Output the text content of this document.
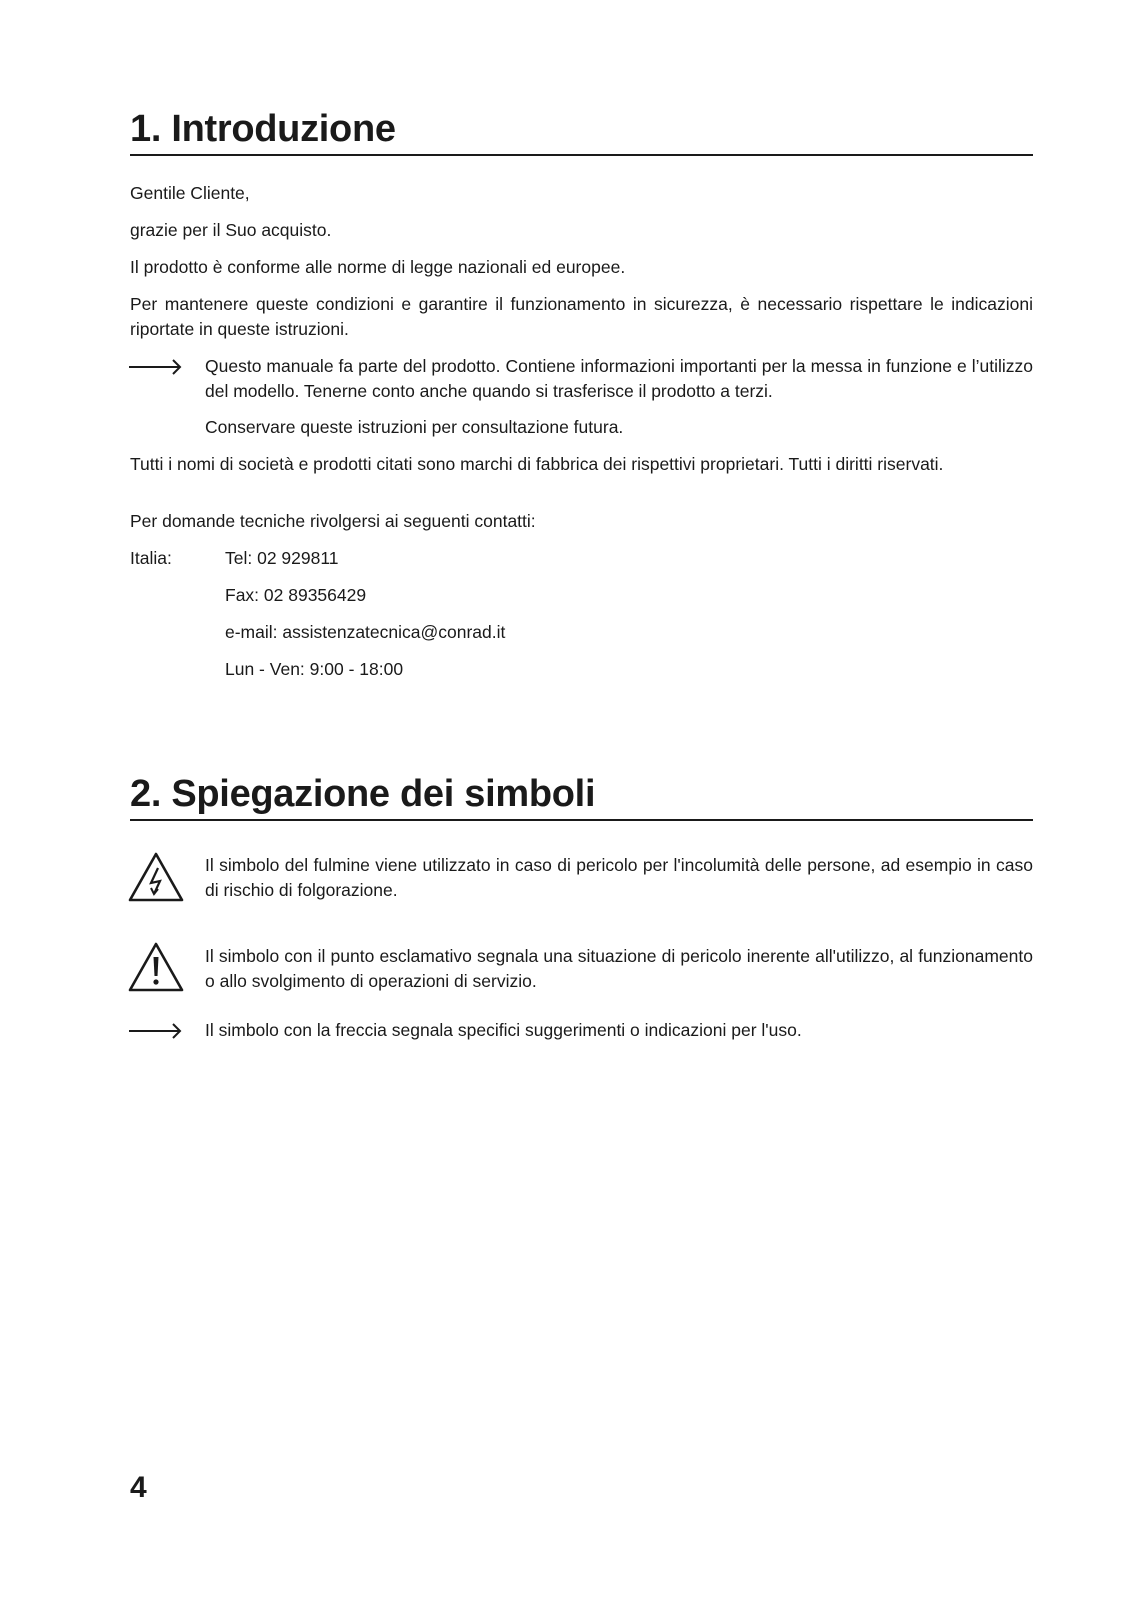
1. Introduzione
Gentile Cliente,
grazie per il Suo acquisto.
Il prodotto è conforme alle norme di legge nazionali ed europee.
Per mantenere queste condizioni e garantire il funzionamento in sicurezza, è necessario rispettare le indicazioni riportate in queste istruzioni.
Questo manuale fa parte del prodotto. Contiene informazioni importanti per la messa in funzione e l’utilizzo del modello. Tenerne conto anche quando si trasferisce il prodotto a terzi.
Conservare queste istruzioni per consultazione futura.
Tutti i nomi di società e prodotti citati sono marchi di fabbrica dei rispettivi proprietari. Tutti i diritti riservati.
Per domande tecniche rivolgersi ai seguenti contatti:
Italia:	Tel: 02 929811
Fax: 02 89356429
e-mail: assistenzatecnica@conrad.it
Lun - Ven: 9:00 - 18:00
2. Spiegazione dei simboli
Il simbolo del fulmine viene utilizzato in caso di pericolo per l'incolumità delle persone, ad esempio in caso di rischio di folgorazione.
Il simbolo con il punto esclamativo segnala una situazione di pericolo inerente all'utilizzo, al funzionamento o allo svolgimento di operazioni di servizio.
Il simbolo con la freccia segnala specifici suggerimenti o indicazioni per l'uso.
4
